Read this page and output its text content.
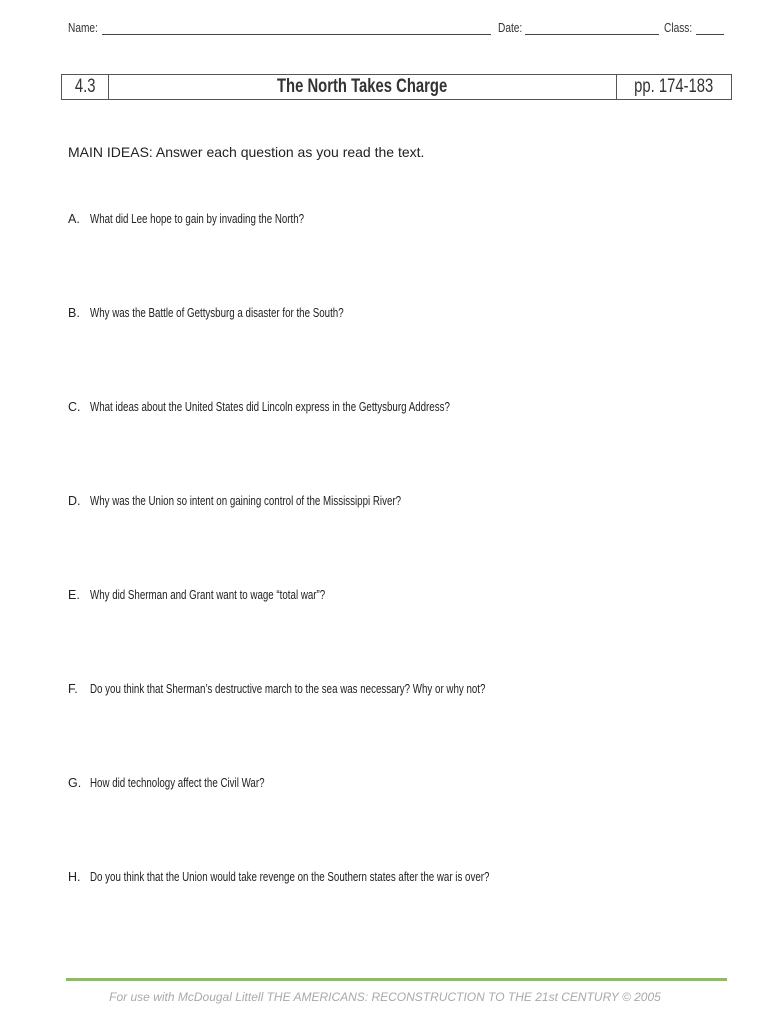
Name:	Date:	Class:
4.3	The North Takes Charge	pp. 174-183
MAIN IDEAS: Answer each question as you read the text.
A. What did Lee hope to gain by invading the North?
B. Why was the Battle of Gettysburg a disaster for the South?
C. What ideas about the United States did Lincoln express in the Gettysburg Address?
D. Why was the Union so intent on gaining control of the Mississippi River?
E. Why did Sherman and Grant want to wage “total war”?
F. Do you think that Sherman’s destructive march to the sea was necessary? Why or why not?
G. How did technology affect the Civil War?
H. Do you think that the Union would take revenge on the Southern states after the war is over?
For use with McDougal Littell THE AMERICANS: RECONSTRUCTION TO THE 21st CENTURY © 2005
